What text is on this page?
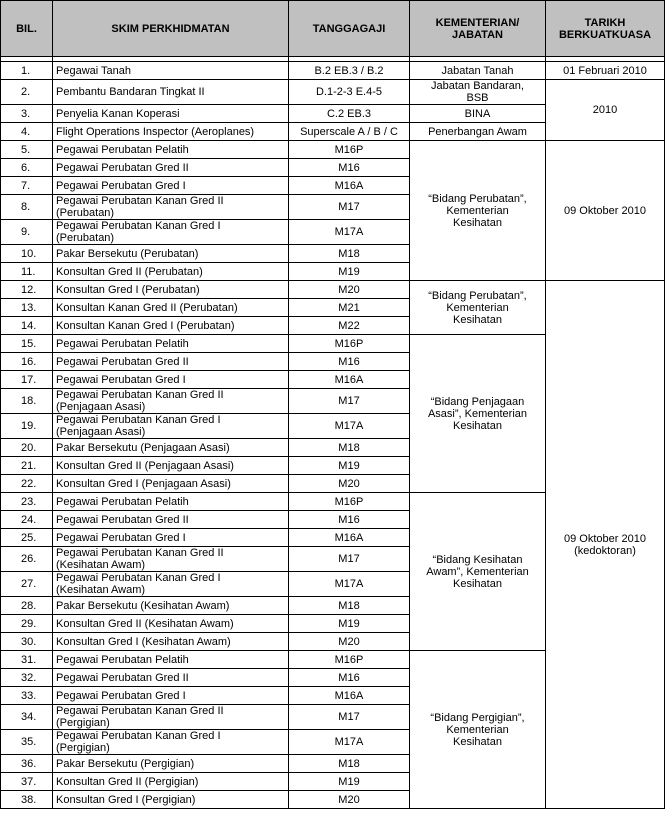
BIL.	SKIM PERKHIDMATAN	TANGGAGAJI	KEMENTERIAN/
JABATAN	TARIKH
BERKUATKUASA

1.	Pegawai Tanah	B.2 EB.3 / B.2	Jabatan Tanah	01 Februari 2010
2.	Pembantu Bandaran Tingkat II	D.1-2-3 E.4-5	Jabatan Bandaran,
BSB	2010
3.	Penyelia Kanan Koperasi	C.2 EB.3	BINA	
4.	Flight Operations Inspector (Aeroplanes)	Superscale A / B / C	Penerbangan Awam	
5.	Pegawai Perubatan Pelatih	M16P	“Bidang Perubatan”,
Kementerian
Kesihatan	09 Oktober 2010
6.	Pegawai Perubatan Gred II	M16		
7.	Pegawai Perubatan Gred I	M16A		
8.	Pegawai Perubatan Kanan Gred II
(Perubatan)	M17		
9.	Pegawai Perubatan Kanan Gred I
(Perubatan)	M17A		
10.	Pakar Bersekutu (Perubatan)	M18		
11.	Konsultan Gred II (Perubatan)	M19		
12.	Konsultan Gred I (Perubatan)	M20	“Bidang Perubatan”,
Kementerian
Kesihatan	09 Oktober 2010
(kedoktoran)
13.	Konsultan Kanan Gred II (Perubatan)	M21		
14.	Konsultan Kanan Gred I (Perubatan)	M22		
15.	Pegawai Perubatan Pelatih	M16P	“Bidang Penjagaan
Asasi”, Kementerian
Kesihatan	
16.	Pegawai Perubatan Gred II	M16		
17.	Pegawai Perubatan Gred I	M16A		
18.	Pegawai Perubatan Kanan Gred II
(Penjagaan Asasi)	M17		
19.	Pegawai Perubatan Kanan Gred I
(Penjagaan Asasi)	M17A		
20.	Pakar Bersekutu (Penjagaan Asasi)	M18		
21.	Konsultan Gred II (Penjagaan Asasi)	M19		
22.	Konsultan Gred I (Penjagaan Asasi)	M20		
23.	Pegawai Perubatan Pelatih	M16P	“Bidang Kesihatan
Awam”, Kementerian
Kesihatan	
24.	Pegawai Perubatan Gred II	M16		
25.	Pegawai Perubatan Gred I	M16A		
26.	Pegawai Perubatan Kanan Gred II
(Kesihatan Awam)	M17		
27.	Pegawai Perubatan Kanan Gred I
(Kesihatan Awam)	M17A		
28.	Pakar Bersekutu (Kesihatan Awam)	M18		
29.	Konsultan Gred II (Kesihatan Awam)	M19		
30.	Konsultan Gred I (Kesihatan Awam)	M20		
31.	Pegawai Perubatan Pelatih	M16P	“Bidang Pergigian”,
Kementerian
Kesihatan	
32.	Pegawai Perubatan Gred II	M16		
33.	Pegawai Perubatan Gred I	M16A		
34.	Pegawai Perubatan Kanan Gred II
(Pergigian)	M17		
35.	Pegawai Perubatan Kanan Gred I
(Pergigian)	M17A		
36.	Pakar Bersekutu (Pergigian)	M18		
37.	Konsultan Gred II (Pergigian)	M19		
38.	Konsultan Gred I (Pergigian)	M20		
